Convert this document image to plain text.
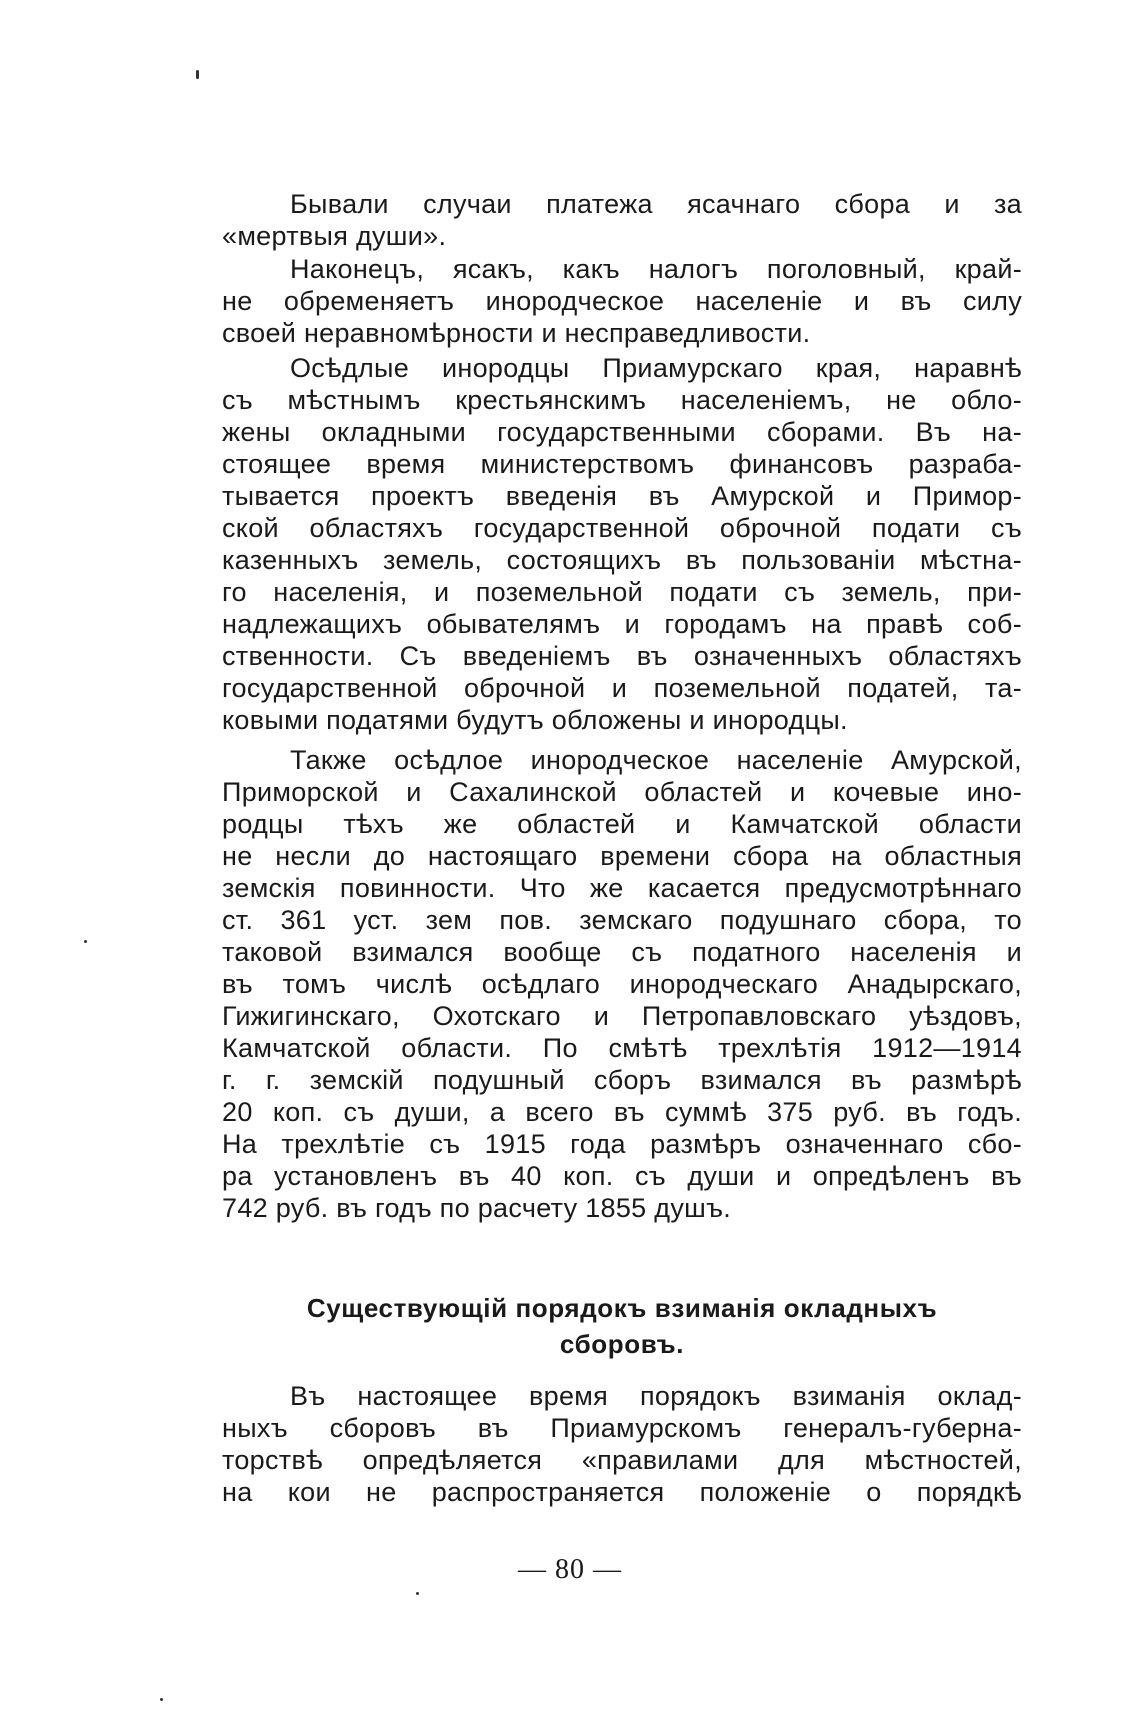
Бывали случаи платежа ясачнаго сбора и за
«мертвыя души».
Наконецъ, ясакъ, какъ налогъ поголовный, край-
не обременяетъ инородческое населенiе и въ силу
своей неравномѣрности и несправедливости.
Осѣдлые инородцы Приамурскаго края, наравнѣ
съ мѣстнымъ крестьянскимъ населенiемъ, не обло-
жены окладными государственными сборами. Въ на-
стоящее время министерствомъ финансовъ разраба-
тывается проектъ введенiя въ Амурской и Примор-
ской областяхъ государственной оброчной подати съ
казенныхъ земель, состоящихъ въ пользованiи мѣстна-
го населенiя, и поземельной подати съ земель, при-
надлежащихъ обывателямъ и городамъ на правѣ соб-
ственности. Съ введенiемъ въ означенныхъ областяхъ
государственной оброчной и поземельной податей, та-
ковыми податями будутъ обложены и инородцы.
Также осѣдлое инородческое населенiе Амурской,
Приморской и Сахалинской областей и кочевые ино-
родцы тѣхъ же областей и Камчатской области
не несли до настоящаго времени сбора на областныя
земскiя повинности. Что же касается предусмотрѣннаго
ст. 361 уст. зем пов. земскаго подушнаго сбора, то
таковой взимался вообще съ податного населенiя и
въ томъ числѣ осѣдлаго инородческаго Анадырскаго,
Гижигинскаго, Охотскаго и Петропавловскаго уѣздовъ,
Камчатской области. По смѣтѣ трехлѣтiя 1912—1914
г. г. земскiй подушный сборъ взимался въ размѣрѣ
20 коп. съ души, а всего въ суммѣ 375 руб. въ годъ.
На трехлѣтiе съ 1915 года размѣръ означеннаго сбо-
ра установленъ въ 40 коп. съ души и опредѣленъ въ
742 руб. въ годъ по расчету 1855 душъ.
Существующiй порядокъ взиманiя окладныхъ
сборовъ.
Въ настоящее время порядокъ взиманiя оклад-
ныхъ сборовъ въ Приамурскомъ генералъ-губерна-
торствѣ опредѣляется «правилами для мѣстностей,
на кои не распространяется положенiе о порядкѣ
— 80 —
